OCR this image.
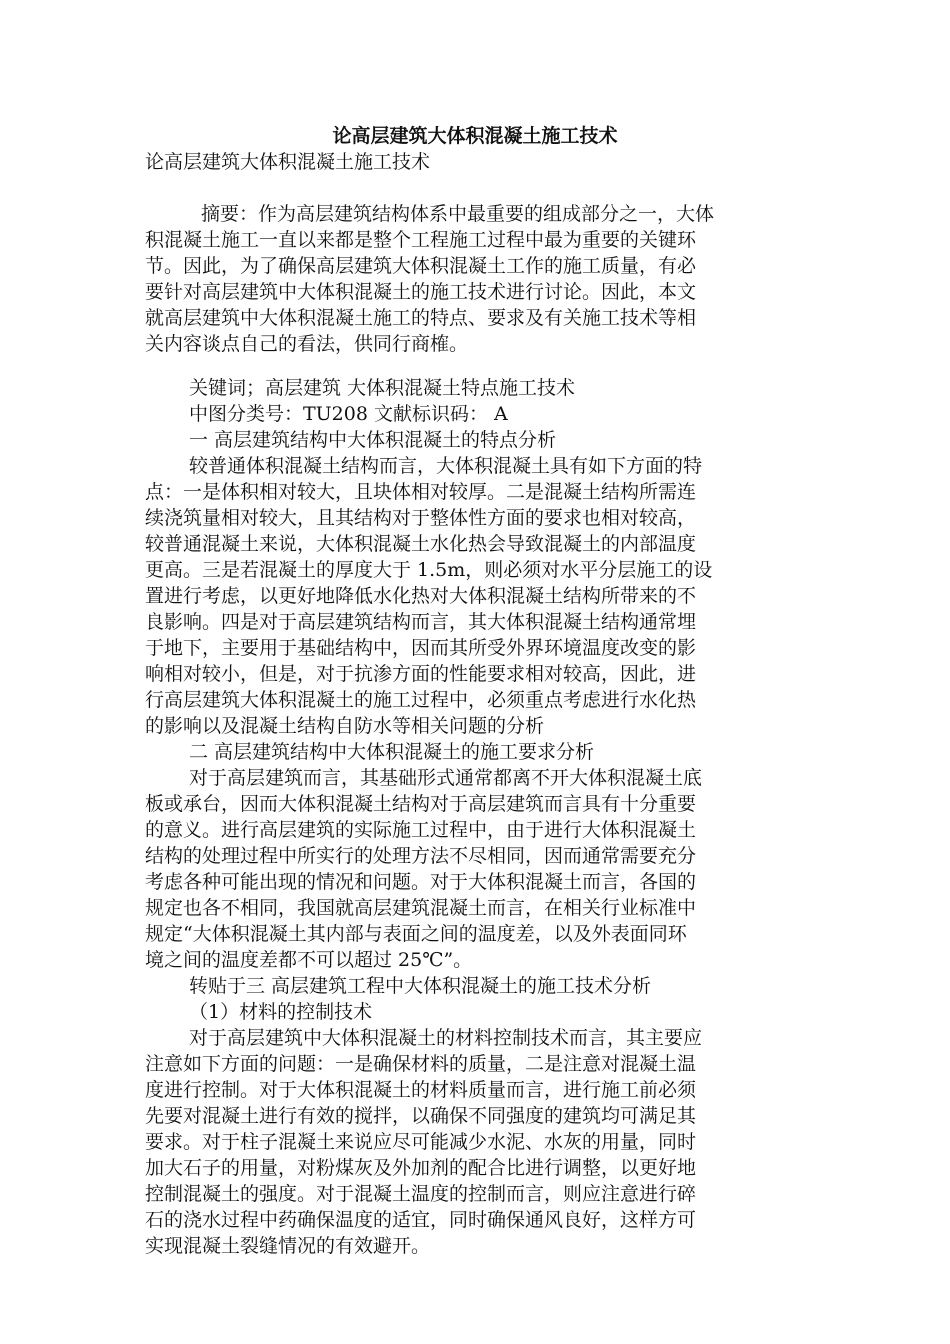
论高层建筑大体积混凝土施工技术

论高层建筑大体积混凝土施工技术

摘要：作为高层建筑结构体系中最重要的组成部分之一，大体

积混凝土施工一直以来都是整个工程施工过程中最为重要的关键环

节。因此，为了确保高层建筑大体积混凝土工作的施工质量，有必

要针对高层建筑中大体积混凝土的施工技术进行讨论。因此，本文

就高层建筑中大体积混凝土施工的特点、要求及有关施工技术等相

关内容谈点自己的看法，供同行商榷。

关键词；高层建筑 大体积混凝土特点施工技术

中图分类号：TU208 文献标识码： A

一 高层建筑结构中大体积混凝土的特点分析

较普通体积混凝土结构而言，大体积混凝土具有如下方面的特

点：一是体积相对较大，且块体相对较厚。二是混凝土结构所需连

续浇筑量相对较大，且其结构对于整体性方面的要求也相对较高，

较普通混凝土来说，大体积混凝土水化热会导致混凝土的内部温度

更高。三是若混凝土的厚度大于 1.5m，则必须对水平分层施工的设

置进行考虑，以更好地降低水化热对大体积混凝土结构所带来的不

良影响。四是对于高层建筑结构而言，其大体积混凝土结构通常埋

于地下，主要用于基础结构中，因而其所受外界环境温度改变的影

响相对较小，但是，对于抗渗方面的性能要求相对较高，因此，进

行高层建筑大体积混凝土的施工过程中，必须重点考虑进行水化热

的影响以及混凝土结构自防水等相关问题的分析

二 高层建筑结构中大体积混凝土的施工要求分析

对于高层建筑而言，其基础形式通常都离不开大体积混凝土底

板或承台，因而大体积混凝土结构对于高层建筑而言具有十分重要

的意义。进行高层建筑的实际施工过程中，由于进行大体积混凝土

结构的处理过程中所实行的处理方法不尽相同，因而通常需要充分

考虑各种可能出现的情况和问题。对于大体积混凝土而言，各国的

规定也各不相同，我国就高层建筑混凝土而言，在相关行业标准中

规定“大体积混凝土其内部与表面之间的温度差，以及外表面同环

境之间的温度差都不可以超过 25℃”。

转贴于三 高层建筑工程中大体积混凝土的施工技术分析

（1）材料的控制技术

对于高层建筑中大体积混凝土的材料控制技术而言，其主要应

注意如下方面的问题：一是确保材料的质量，二是注意对混凝土温

度进行控制。对于大体积混凝土的材料质量而言，进行施工前必须

先要对混凝土进行有效的搅拌，以确保不同强度的建筑均可满足其

要求。对于柱子混凝土来说应尽可能减少水泥、水灰的用量，同时

加大石子的用量，对粉煤灰及外加剂的配合比进行调整，以更好地

控制混凝土的强度。对于混凝土温度的控制而言，则应注意进行碎

石的浇水过程中药确保温度的适宜，同时确保通风良好，这样方可

实现混凝土裂缝情况的有效避开。
